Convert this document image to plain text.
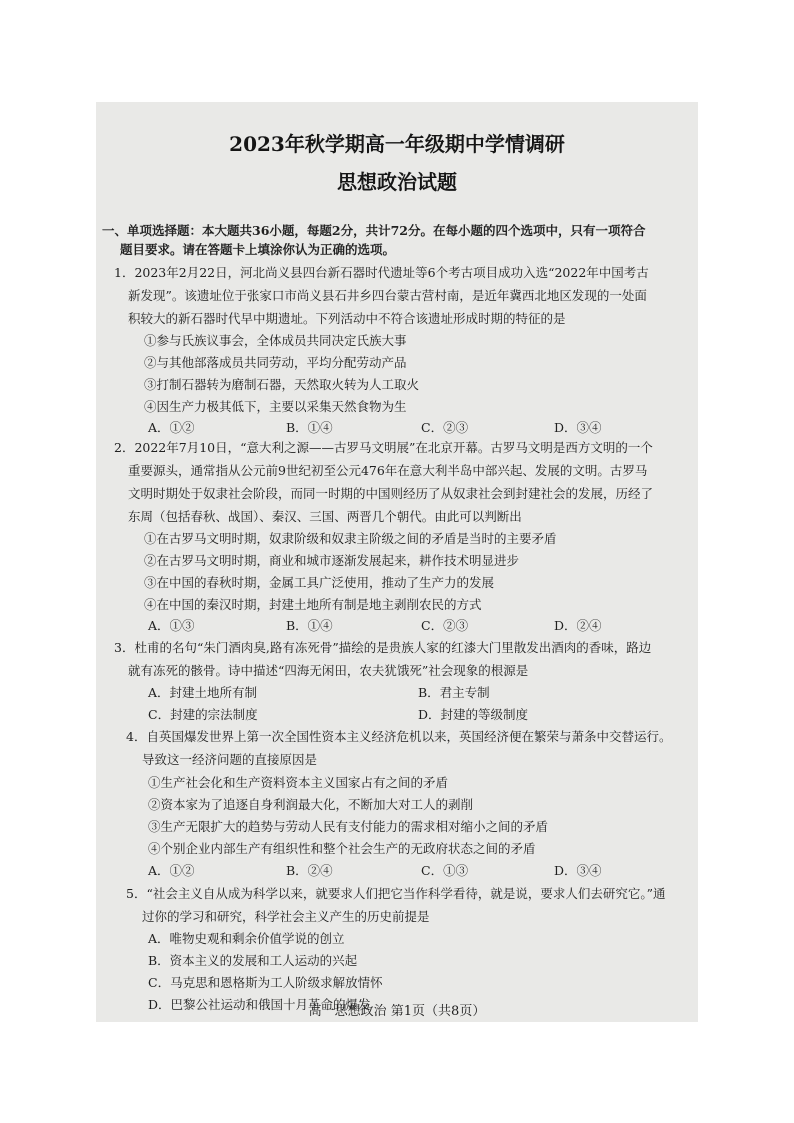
2023年秋学期高一年级期中学情调研
思想政治试题
一、单项选择题：本大题共36小题，每题2分，共计72分。在每小题的四个选项中，只有一项符合
题目要求。请在答题卡上填涂你认为正确的选项。
1．2023年2月22日，河北尚义县四台新石器时代遗址等6个考古项目成功入选“2022年中国考古
新发现”。该遗址位于张家口市尚义县石井乡四台蒙古营村南，是近年冀西北地区发现的一处面
积较大的新石器时代早中期遗址。下列活动中不符合该遗址形成时期的特征的是
①参与氏族议事会，全体成员共同决定氏族大事
②与其他部落成员共同劳动，平均分配劳动产品
③打制石器转为磨制石器，天然取火转为人工取火
④因生产力极其低下，主要以采集天然食物为生
A．①②	B．①④	C．②③	D．③④
2．2022年7月10日，“意大利之源——古罗马文明展”在北京开幕。古罗马文明是西方文明的一个
重要源头，通常指从公元前9世纪初至公元476年在意大利半岛中部兴起、发展的文明。古罗马
文明时期处于奴隶社会阶段，而同一时期的中国则经历了从奴隶社会到封建社会的发展，历经了
东周（包括春秋、战国）、秦汉、三国、两晋几个朝代。由此可以判断出
①在古罗马文明时期，奴隶阶级和奴隶主阶级之间的矛盾是当时的主要矛盾
②在古罗马文明时期，商业和城市逐渐发展起来，耕作技术明显进步
③在中国的春秋时期，金属工具广泛使用，推动了生产力的发展
④在中国的秦汉时期，封建土地所有制是地主剥削农民的方式
A．①③	B．①④	C．②③	D．②④
3．杜甫的名句“朱门酒肉臭,路有冻死骨”描绘的是贵族人家的红漆大门里散发出酒肉的香味，路边
就有冻死的骸骨。诗中描述“四海无闲田，农夫犹饿死”社会现象的根源是
A．封建土地所有制	B．君主专制
C．封建的宗法制度	D．封建的等级制度
4．自英国爆发世界上第一次全国性资本主义经济危机以来，英国经济便在繁荣与萧条中交替运行。
导致这一经济问题的直接原因是
①生产社会化和生产资料资本主义国家占有之间的矛盾
②资本家为了追逐自身利润最大化，不断加大对工人的剥削
③生产无限扩大的趋势与劳动人民有支付能力的需求相对缩小之间的矛盾
④个别企业内部生产有组织性和整个社会生产的无政府状态之间的矛盾
A．①②	B．②④	C．①③	D．③④
5．“社会主义自从成为科学以来，就要求人们把它当作科学看待，就是说，要求人们去研究它。”通
过你的学习和研究，科学社会主义产生的历史前提是
A．唯物史观和剩余价值学说的创立
B．资本主义的发展和工人运动的兴起
C．马克思和恩格斯为工人阶级求解放情怀
D．巴黎公社运动和俄国十月革命的爆发
高一思想政治 第1页（共8页）
